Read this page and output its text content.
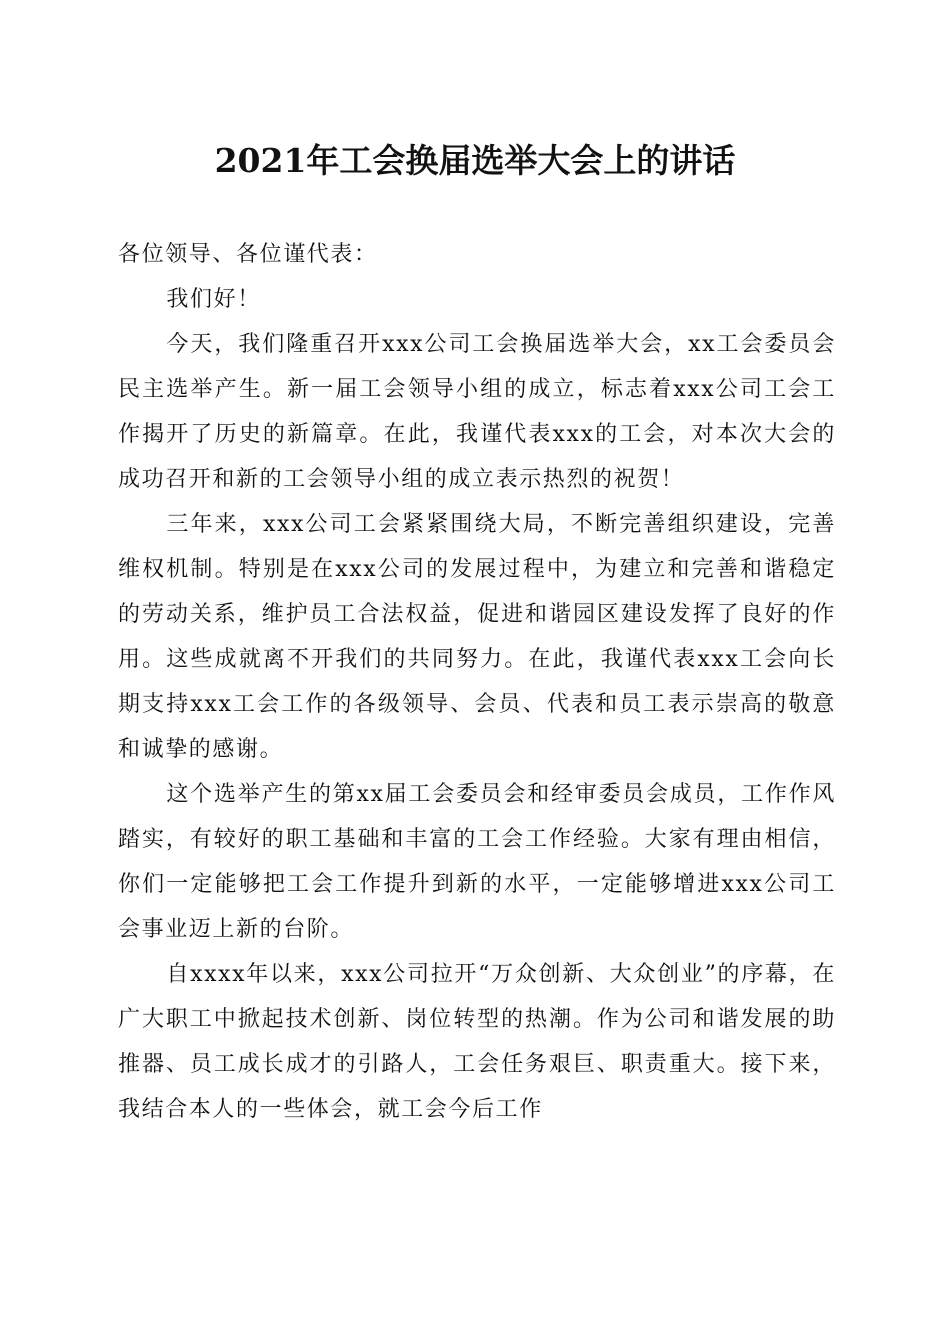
2021年工会换届选举大会上的讲话

各位领导、各位谨代表：

我们好！

今天，我们隆重召开xxx公司工会换届选举大会，xx工会委员会民主选举产生。新一届工会领导小组的成立，标志着xxx公司工会工作揭开了历史的新篇章。在此，我谨代表xxx的工会，对本次大会的成功召开和新的工会领导小组的成立表示热烈的祝贺！

三年来，xxx公司工会紧紧围绕大局，不断完善组织建设，完善维权机制。特别是在xxx公司的发展过程中，为建立和完善和谐稳定的劳动关系，维护员工合法权益，促进和谐园区建设发挥了良好的作用。这些成就离不开我们的共同努力。在此，我谨代表xxx工会向长期支持xxx工会工作的各级领导、会员、代表和员工表示崇高的敬意和诚挚的感谢。

这个选举产生的第xx届工会委员会和经审委员会成员，工作作风踏实，有较好的职工基础和丰富的工会工作经验。大家有理由相信，你们一定能够把工会工作提升到新的水平，一定能够增进xxx公司工会事业迈上新的台阶。

自xxxx年以来，xxx公司拉开“万众创新、大众创业”的序幕，在广大职工中掀起技术创新、岗位转型的热潮。作为公司和谐发展的助推器、员工成长成才的引路人，工会任务艰巨、职责重大。接下来，我结合本人的一些体会，就工会今后工作
